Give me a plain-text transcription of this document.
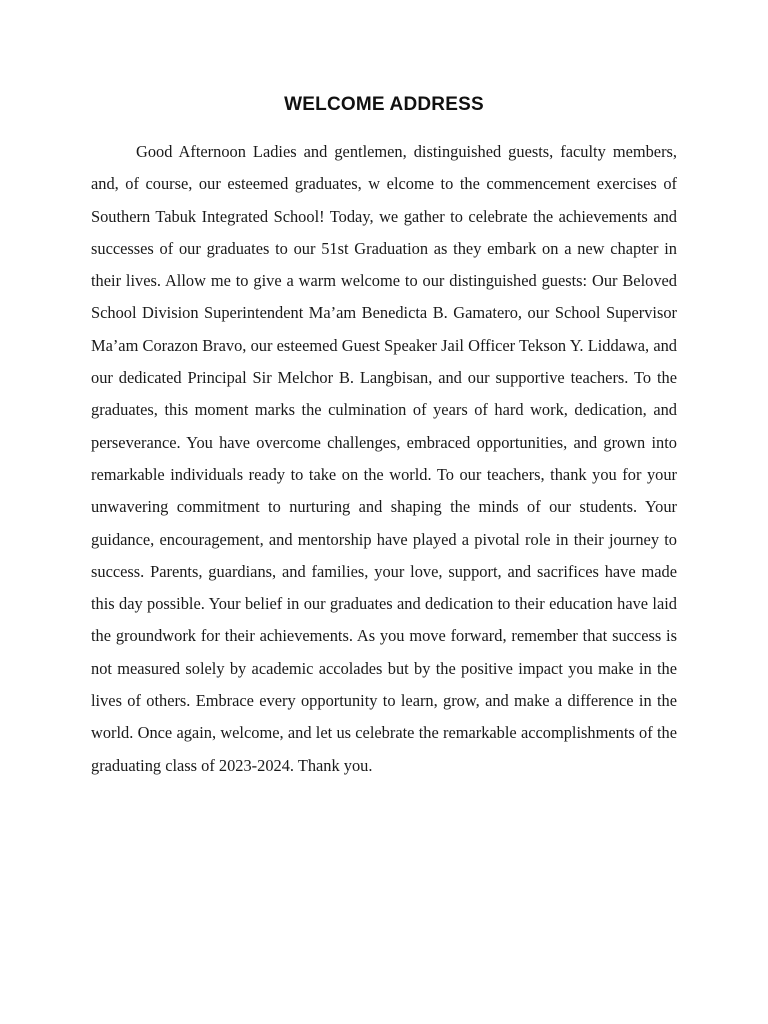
WELCOME ADDRESS

Good Afternoon Ladies and gentlemen, distinguished guests, faculty members, and, of course, our esteemed graduates, w elcome to the commencement exercises of Southern Tabuk Integrated School! Today, we gather to celebrate the achievements and successes of our graduates to our 51st Graduation as they embark on a new chapter in their lives. Allow me to give a warm welcome to our distinguished guests: Our Beloved School Division Superintendent Ma’am Benedicta B. Gamatero, our School Supervisor Ma’am Corazon Bravo, our esteemed Guest Speaker Jail Officer Tekson Y. Liddawa, and our dedicated Principal Sir Melchor B. Langbisan, and our supportive teachers. To the graduates, this moment marks the culmination of years of hard work, dedication, and perseverance. You have overcome challenges, embraced opportunities, and grown into remarkable individuals ready to take on the world. To our teachers, thank you for your unwavering commitment to nurturing and shaping the minds of our students. Your guidance, encouragement, and mentorship have played a pivotal role in their journey to success. Parents, guardians, and families, your love, support, and sacrifices have made this day possible. Your belief in our graduates and dedication to their education have laid the groundwork for their achievements. As you move forward, remember that success is not measured solely by academic accolades but by the positive impact you make in the lives of others. Embrace every opportunity to learn, grow, and make a difference in the world. Once again, welcome, and let us celebrate the remarkable accomplishments of the graduating class of 2023-2024. Thank you.
